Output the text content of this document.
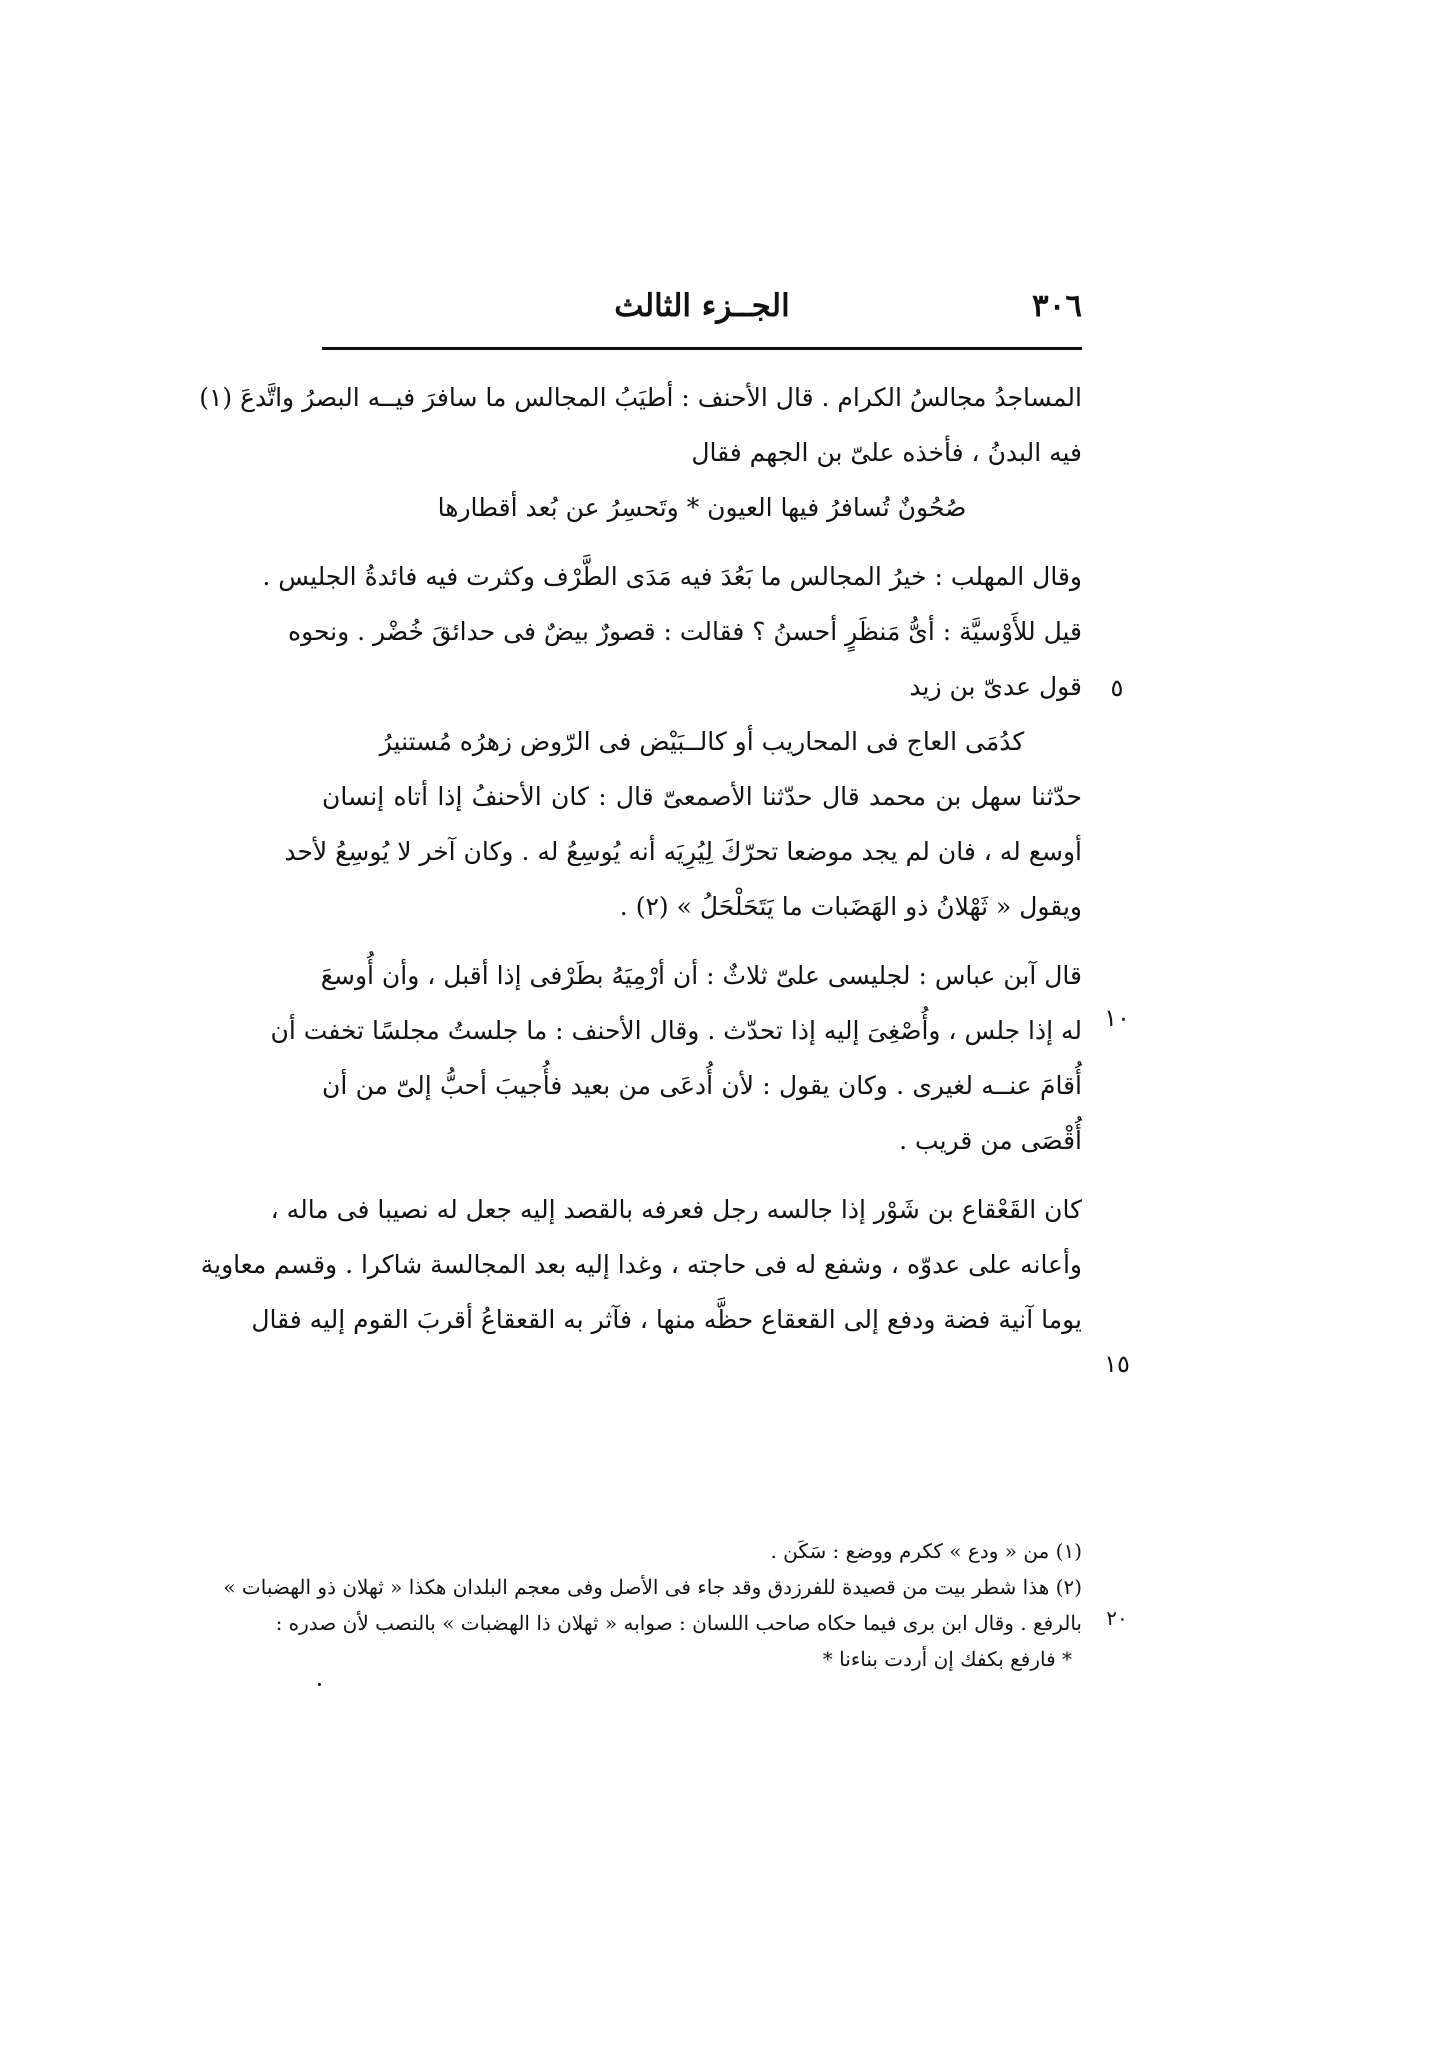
٣٠٦
الجــزء الثالث
المساجدُ مجالسُ الكرام . قال الأحنف : أطيَبُ المجالس ما سافرَ فيــه البصرُ واتَّدعَ (١)
فيه البدنُ ، فأخذه علىّ بن الجهم فقال
صُحُونٌ تُسافرُ فيها العيون * وتَحسِرُ عن بُعد أقطارها
وقال المهلب : خيرُ المجالس ما بَعُدَ فيه مَدَى الطَّرْف وكثرت فيه فائدةُ الجليس .
قيل للأَوْسيَّة : أىُّ مَنظَرٍ أحسنُ ؟ فقالت : قصورٌ بيضٌ فى حدائقَ خُضْر . ونحوه
قول عدىّ بن زيد
كدُمَى العاج فى المحاريب أو كالــبَيْض فى الرّوض زهرُه مُستنيرُ
حدّثنا سهل بن محمد قال حدّثنا الأصمعىّ قال : كان الأحنفُ إذا أتاه إنسان
أوسع له ، فان لم يجد موضعا تحرّكَ لِيُرِيَه أنه يُوسِعُ له . وكان آخر لا يُوسِعُ لأحد
ويقول « ثَهْلانُ ذو الهَضَبات ما يَتَحَلْحَلُ » (٢) .
قال آبن عباس : لجليسى علىّ ثلاثٌ : أن أرْمِيَهُ بطَرْفى إذا أقبل ، وأن أُوسعَ
له إذا جلس ، وأُصْغِىَ إليه إذا تحدّث . وقال الأحنف : ما جلستُ مجلسًا تخفت أن
أُقامَ عنــه لغيرى . وكان يقول : لأن أُدعَى من بعيد فأُجيبَ أحبُّ إلىّ من أن
أُقْصَى من قريب .
كان القَعْقاع بن شَوْر إذا جالسه رجل فعرفه بالقصد إليه جعل له نصيبا فى ماله ،
وأعانه على عدوّه ، وشفع له فى حاجته ، وغدا إليه بعد المجالسة شاكرا . وقسم معاوية
يوما آنية فضة ودفع إلى القعقاع حظَّه منها ، فآثر به القعقاعُ أقربَ القوم إليه فقال
٥
١٠
١٥
(١) من « ودع » ككرم ووضع : سَكَن .
(٢) هذا شطر بيت من قصيدة للفرزدق وقد جاء فى الأصل وفى معجم البلدان هكذا « ثهلان ذو الهضبات »
بالرفع . وقال ابن برى فيما حكاه صاحب اللسان : صوابه « ثهلان ذا الهضبات » بالنصب لأن صدره :
* فارفع بكفك إن أردت بناءنا *
٢٠
